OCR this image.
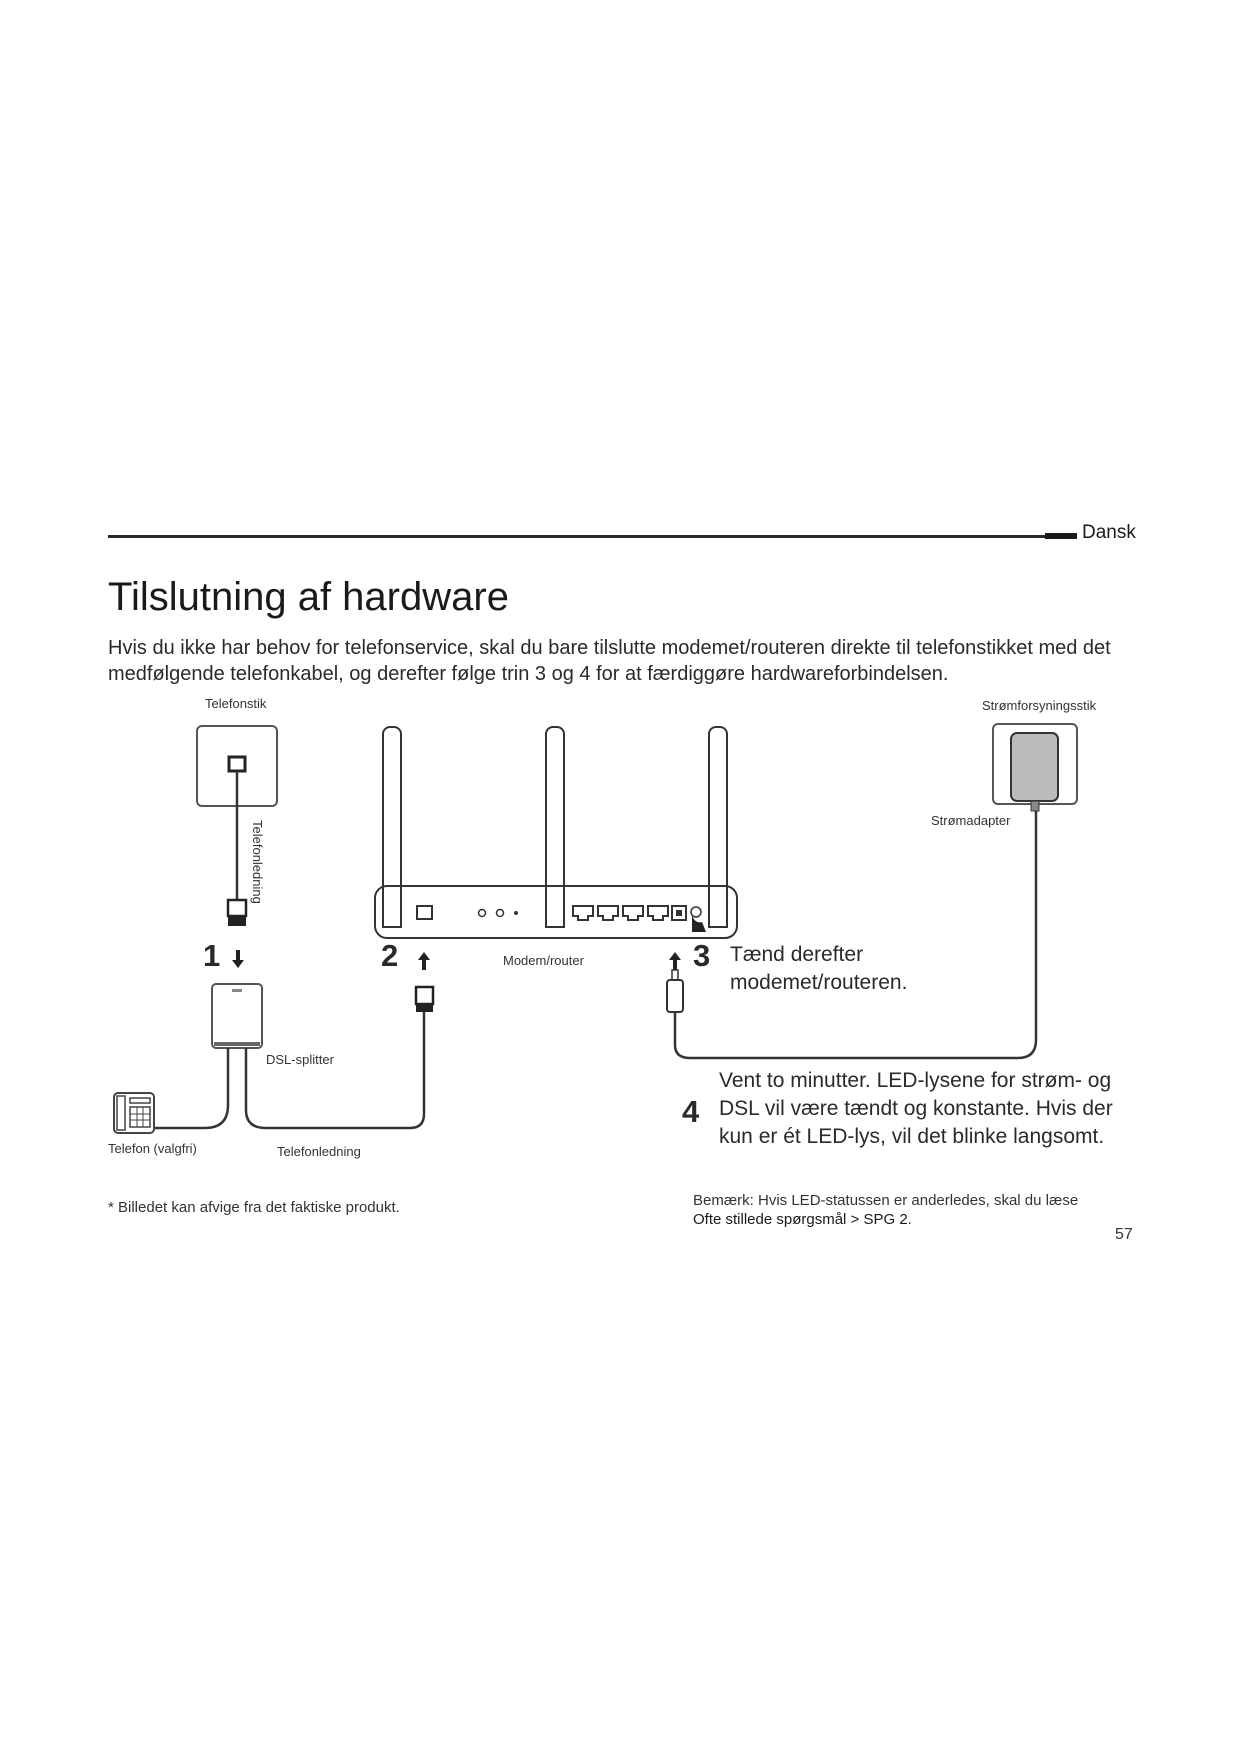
Dansk
Tilslutning af hardware
Hvis du ikke har behov for telefonservice, skal du bare tilslutte modemet/routeren direkte til telefonstikket med det medfølgende telefonkabel, og derefter følge trin 3 og 4 for at færdiggøre hardwareforbindelsen.
Telefonstik	Strømforsyningsstik
Strømadapter
Telefonledning
Modem/router
DSL-splitter
Telefon (valgfri)	Telefonledning
1	2	3 Tænd derefter modemet/routeren.
4
Vent to minutter. LED-lysene for strøm- og DSL vil være tændt og konstante. Hvis der kun er ét LED-lys, vil det blinke langsomt.
Bemærk: Hvis LED-statussen er anderledes, skal du læse
Ofte stillede spørgsmål > SPG 2.
* Billedet kan afvige fra det faktiske produkt.
57
